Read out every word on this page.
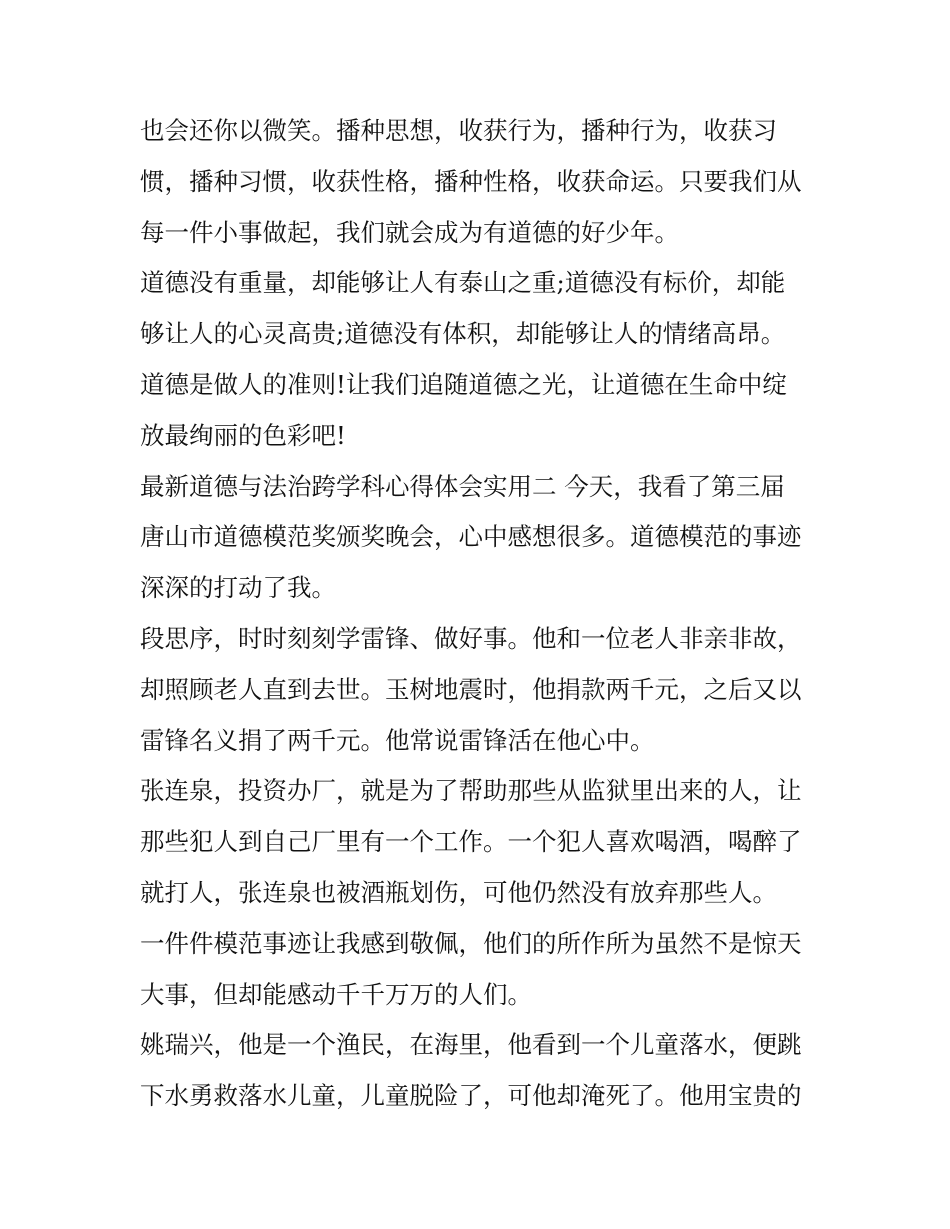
也会还你以微笑。播种思想，收获行为，播种行为，收获习
惯，播种习惯，收获性格，播种性格，收获命运。只要我们从
每一件小事做起，我们就会成为有道德的好少年。
道德没有重量，却能够让人有泰山之重;道德没有标价，却能
够让人的心灵高贵;道德没有体积，却能够让人的情绪高昂。
道德是做人的准则!让我们追随道德之光，让道德在生命中绽
放最绚丽的色彩吧!
最新道德与法治跨学科心得体会实用二 今天，我看了第三届
唐山市道德模范奖颁奖晚会，心中感想很多。道德模范的事迹
深深的打动了我。
段思序，时时刻刻学雷锋、做好事。他和一位老人非亲非故，
却照顾老人直到去世。玉树地震时，他捐款两千元，之后又以
雷锋名义捐了两千元。他常说雷锋活在他心中。
张连泉，投资办厂，就是为了帮助那些从监狱里出来的人，让
那些犯人到自己厂里有一个工作。一个犯人喜欢喝酒，喝醉了
就打人，张连泉也被酒瓶划伤，可他仍然没有放弃那些人。
一件件模范事迹让我感到敬佩，他们的所作所为虽然不是惊天
大事，但却能感动千千万万的人们。
姚瑞兴，他是一个渔民，在海里，他看到一个儿童落水，便跳
下水勇救落水儿童，儿童脱险了，可他却淹死了。他用宝贵的
